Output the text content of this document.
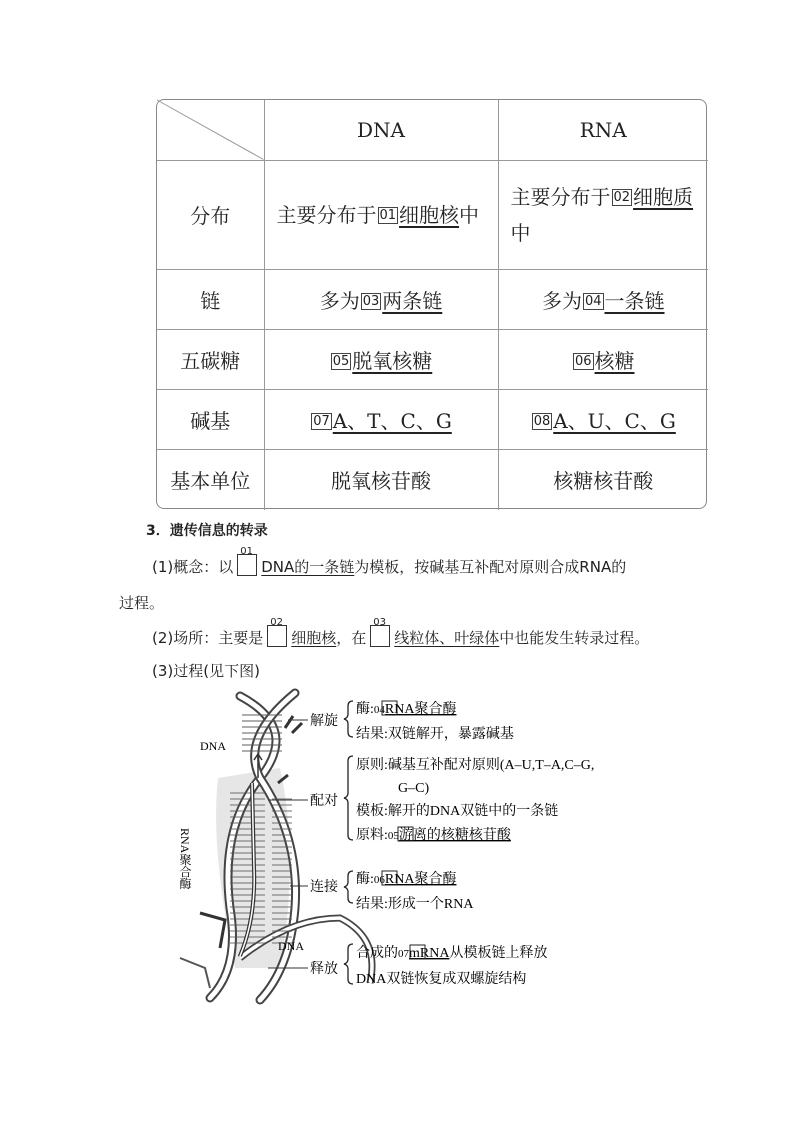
	DNA	RNA
分布	主要分布于 01 细胞核中	主要分布于 02 细胞质中
链	多为 03 两条链	多为 04 一条链
五碳糖	05 脱氧核糖	06 核糖
碱基	07 A、T、C、G	08 A、U、C、G
基本单位	脱氧核苷酸	核糖核苷酸
3．遗传信息的转录
(1)概念：以
01
DNA的一条链为模板，按碱基互补配对原则合成RNA的
过程。
(2)场所：主要是
02
细胞核，在
03
线粒体、叶绿体中也能发生转录过程。
(3)过程(见下图)
DNA
RNA聚合酶
DNA
解旋
配对
连接
释放
酶:04RNA聚合酶
结果:双链解开，暴露碱基
原则:碱基互补配对原则(A–U,T–A,C–G,
G–C)
模板:解开的DNA双链中的一条链
原料:05游离的核糖核苷酸
酶:06RNA聚合酶
结果:形成一个RNA
合成的07mRNA从模板链上释放
DNA双链恢复成双螺旋结构
